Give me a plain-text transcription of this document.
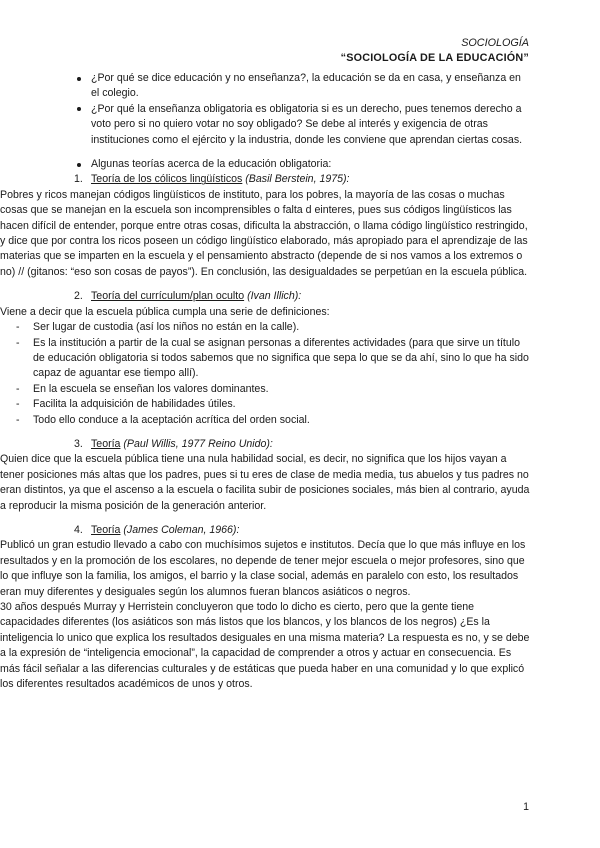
SOCIOLOGÍA
“SOCIOLOGÍA DE LA EDUCACIÓN”
¿Por qué se dice educación y no enseñanza?, la educación se da en casa, y enseñanza en el colegio.
¿Por qué la enseñanza obligatoria es obligatoria si es un derecho, pues tenemos derecho a voto pero si no quiero votar no soy obligado? Se debe al interés y exigencia de otras instituciones como el ejército y la industria, donde les conviene que aprendan ciertas cosas.
Algunas teorías acerca de la educación obligatoria:
1. Teoría de los cólicos lingüísticos (Basil Berstein, 1975):

Pobres y ricos manejan códigos lingüísticos de instituto, para los pobres, la mayoría de las cosas o muchas cosas que se manejan en la escuela son incomprensibles o falta d einteres, pues sus códigos lingüísticos las hacen difícil de entender, porque entre otras cosas, dificulta la abstracción, o llama código lingüístico restringido, y dice que por contra los ricos poseen un código lingüístico elaborado, más apropiado para el aprendizaje de las materias que se imparten en la escuela y el pensamiento abstracto (depende de si nos vamos a los extremos o no) // (gitanos: “eso son cosas de payos”). En conclusión, las desigualdades se perpetúan en la escuela pública.

2. Teoría del currículum/plan oculto (Ivan Illich):

Viene a decir que la escuela pública cumpla una serie de definiciones:

- Ser lugar de custodia (así los niños no están en la calle).
- Es la institución a partir de la cual se asignan personas a diferentes actividades (para que sirve un título de educación obligatoria si todos sabemos que no significa que sepa lo que se da ahí, sino lo que ha sido capaz de aguantar ese tiempo allí).
- En la escuela se enseñan los valores dominantes.
- Facilita la adquisición de habilidades útiles.
- Todo ello conduce a la aceptación acrítica del orden social.
3. Teoría (Paul Willis, 1977 Reino Unido):

Quien dice que la escuela pública tiene una nula habilidad social, es decir, no significa que los hijos vayan a tener posiciones más altas que los padres, pues si tu eres de clase de media media, tus abuelos y tus padres no eran distintos, ya que el ascenso a la escuela o facilita subir de posiciones sociales, más bien al contrario, ayuda a reproducir la misma posición de la generación anterior.

4. Teoría (James Coleman, 1966):

Publicó un gran estudio llevado a cabo con muchísimos sujetos e institutos. Decía que lo que más influye en los resultados y en la promoción de los escolares, no depende de tener mejor escuela o mejor profesores, sino que lo que influye son la familia, los amigos, el barrio y la clase social, además en paralelo con esto, los resultados eran muy diferentes y desiguales según los alumnos fueran blancos asiáticos o negros.

30 años después Murray y Herristein concluyeron que todo lo dicho es cierto, pero que la gente tiene capacidades diferentes (los asiáticos son más listos que los blancos, y los blancos de los negros) ¿Es la inteligencia lo unico que explica los resultados desiguales en una misma materia? La respuesta es no, y se debe a la expresión de “inteligencia emocional”, la capacidad de comprender a otros y actuar en consecuencia. Es más fácil señalar a las diferencias culturales y de estáticas que pueda haber en una comunidad y lo que explicó los diferentes resultados académicos de unos y otros.

1
